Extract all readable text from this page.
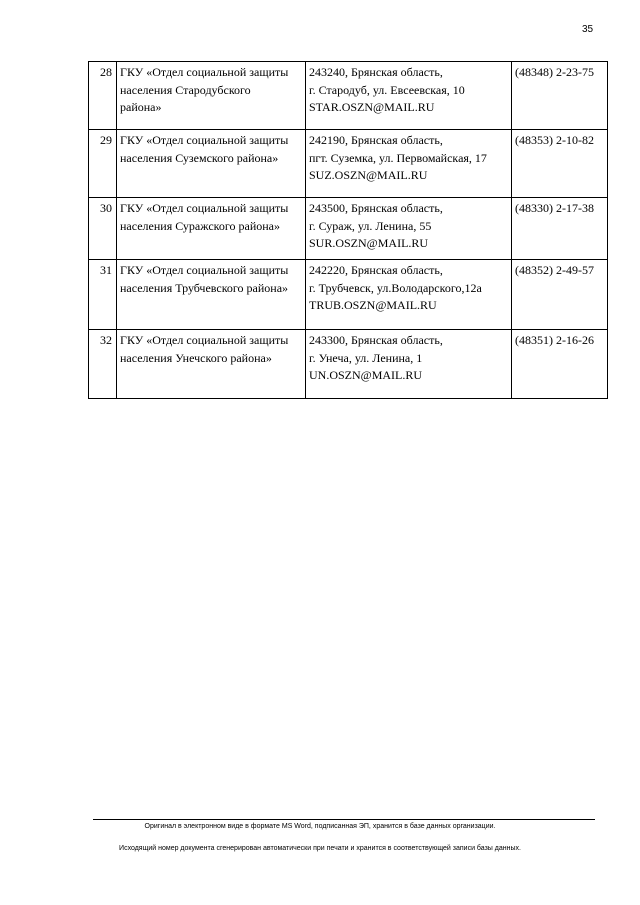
35
28	ГКУ «Отдел социальной защиты
населения Стародубского
района»	243240, Брянская область,
г. Стародуб, ул. Евсеевская, 10
STAR.OSZN@MAIL.RU	(48348) 2-23-75
29	ГКУ «Отдел социальной защиты
населения Суземского района»	242190, Брянская область,
пгт. Суземка, ул. Первомайская, 17
SUZ.OSZN@MAIL.RU	(48353) 2-10-82
30	ГКУ «Отдел социальной защиты
населения Суражского района»	243500, Брянская область,
г. Сураж, ул. Ленина, 55
SUR.OSZN@MAIL.RU	(48330) 2-17-38
31	ГКУ «Отдел социальной защиты
населения Трубчевского района»	242220, Брянская область,
г. Трубчевск, ул.Володарского,12а
TRUB.OSZN@MAIL.RU	(48352) 2-49-57
32	ГКУ «Отдел социальной защиты
населения Унечского района»	243300, Брянская область,
г. Унеча, ул. Ленина, 1
UN.OSZN@MAIL.RU	(48351) 2-16-26
Оригинал в электронном виде в формате MS Word, подписанная ЭП, хранится в базе данных организации.
Исходящий номер документа сгенерирован автоматически при печати и хранится в соответствующей записи базы данных.
